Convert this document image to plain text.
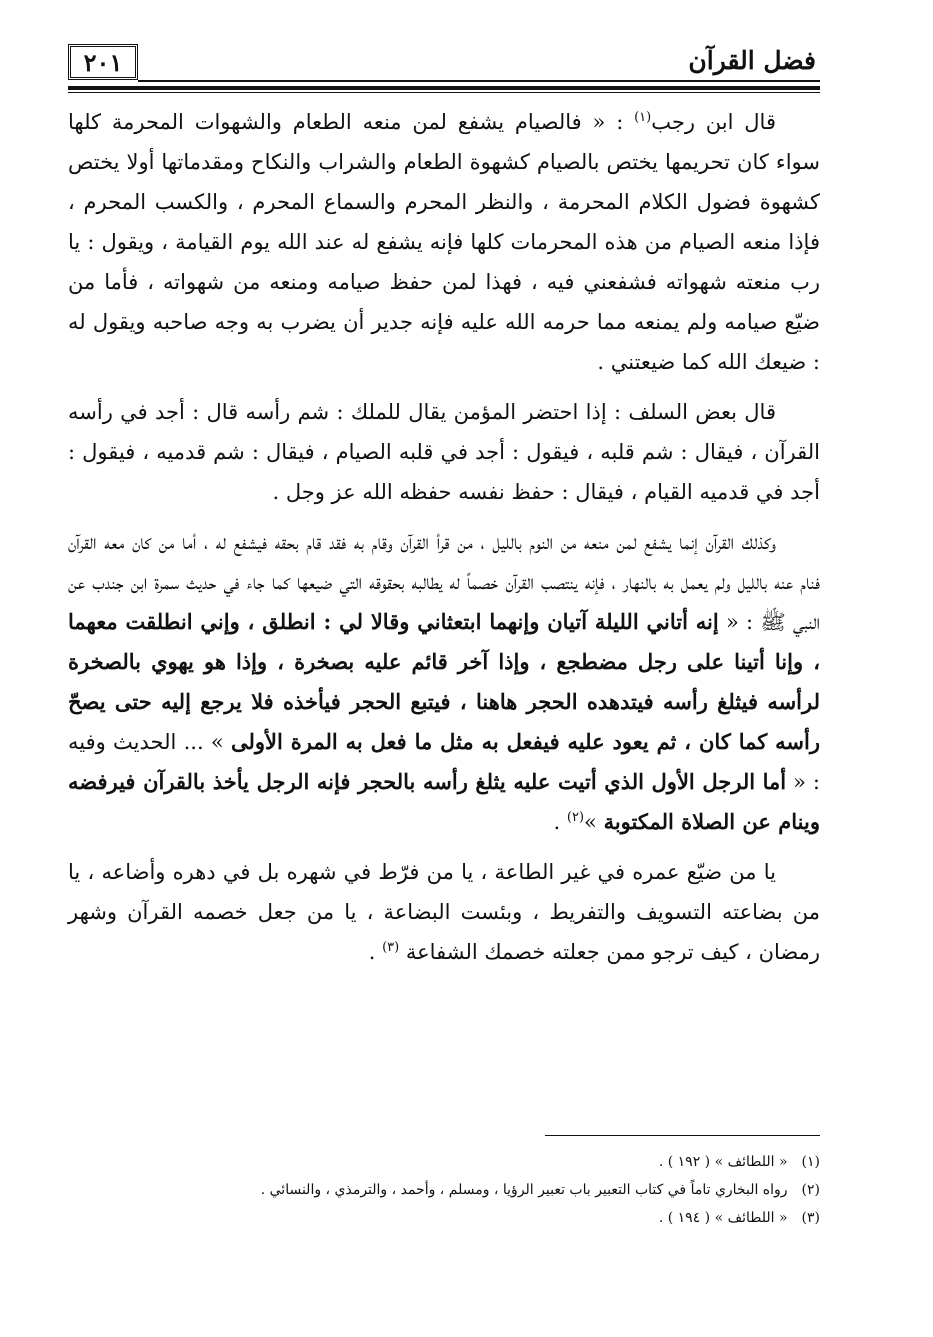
٢٠١	فضل القرآن

قال ابن رجب$^{(١)}$ : « فالصيام يشفع لمن منعه الطعام والشهوات المحرمة كلها سواء كان تحريمها يختص بالصيام كشهوة الطعام والشراب والنكاح ومقدماتها أولا يختص كشهوة فضول الكلام المحرمة ، والنظر المحرم والسماع المحرم ، والكسب المحرم ، فإذا منعه الصيام من هذه المحرمات كلها فإنه يشفع له عند الله يوم القيامة ، ويقول : يا رب منعته شهواته فشفعني فيه ، فهذا لمن حفظ صيامه ومنعه من شهواته ، فأما من ضيّع صيامه ولم يمنعه مما حرمه الله عليه فإنه جدير أن يضرب به وجه صاحبه ويقول له : ضيعك الله كما ضيعتني .

قال بعض السلف : إذا احتضر المؤمن يقال للملك : شم رأسه قال : أجد في رأسه القرآن ، فيقال : شم قلبه ، فيقول : أجد في قلبه الصيام ، فيقال : شم قدميه ، فيقول : أجد في قدميه القيام ، فيقال : حفظ نفسه حفظه الله عز وجل .

وكذلك القرآن إنما يشفع لمن منعه من النوم بالليل ، من قرأ القرآن وقام به فقد قام بحقه فيشفع له ، أما من كان معه القرآن فنام عنه بالليل ولم يعمل به بالنهار ، فإنه ينتصب القرآن خصماً له يطالبه بحقوقه التي ضيعها كما جاء في حديث سمرة ابن جندب عن النبي ﷺ : « إنه أتاني الليلة آتيان وإنهما ابتعثاني وقالا لي : انطلق ، وإني انطلقت معهما ، وإنا أتينا على رجل مضطجع ، وإذا آخر قائم عليه بصخرة ، وإذا هو يهوي بالصخرة لرأسه فيثلغ رأسه فيتدهده الحجر هاهنا ، فيتبع الحجر فيأخذه فلا يرجع إليه حتى يصحّ رأسه كما كان ، ثم يعود عليه فيفعل به مثل ما فعل به المرة الأولى » ... الحديث وفيه : « أما الرجل الأول الذي أتيت عليه يثلغ رأسه بالحجر فإنه الرجل يأخذ بالقرآن فيرفضه وينام عن الصلاة المكتوبة »$^{(٢)}$ .

يا من ضيّع عمره في غير الطاعة ، يا من فرّط في شهره بل في دهره وأضاعه ، يا من بضاعته التسويف والتفريط ، وبئست البضاعة ، يا من جعل خصمه القرآن وشهر رمضان ، كيف ترجو ممن جعلته خصمك الشفاعة $^{(٣)}$ .

(١) « اللطائف » ( ١٩٢ ) .
(٢) رواه البخاري تاماً في كتاب التعبير باب تعبير الرؤيا ، ومسلم ، وأحمد ، والترمذي ، والنسائي .
(٣) « اللطائف » ( ١٩٤ ) .
